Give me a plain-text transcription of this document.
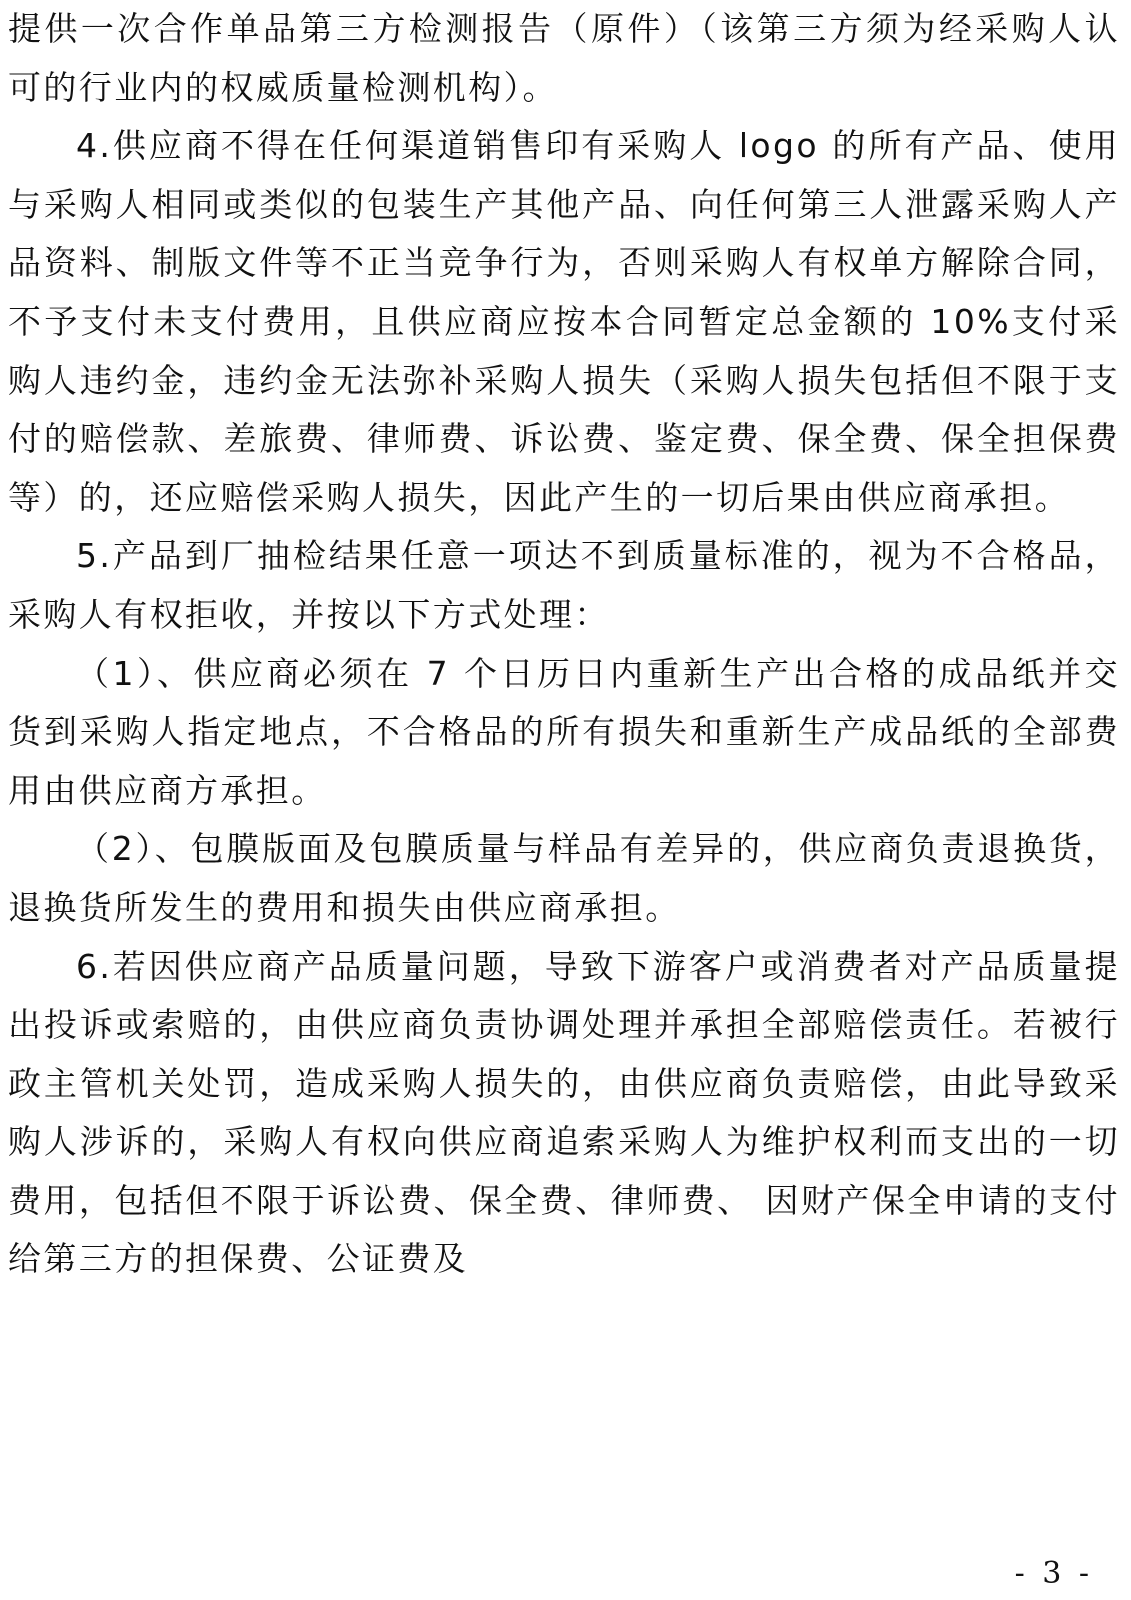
提供一次合作单品第三方检测报告（原件）（该第三方须为经采购人认可的行业内的权威质量检测机构）。

4.供应商不得在任何渠道销售印有采购人 logo 的所有产品、使用与采购人相同或类似的包装生产其他产品、向任何第三人泄露采购人产品资料、制版文件等不正当竞争行为，否则采购人有权单方解除合同，不予支付未支付费用，且供应商应按本合同暂定总金额的 10%支付采购人违约金，违约金无法弥补采购人损失（采购人损失包括但不限于支付的赔偿款、差旅费、律师费、诉讼费、鉴定费、保全费、保全担保费等）的，还应赔偿采购人损失，因此产生的一切后果由供应商承担。

5.产品到厂抽检结果任意一项达不到质量标准的，视为不合格品，采购人有权拒收，并按以下方式处理：

（1）、供应商必须在 7 个日历日内重新生产出合格的成品纸并交货到采购人指定地点，不合格品的所有损失和重新生产成品纸的全部费用由供应商方承担。

（2）、包膜版面及包膜质量与样品有差异的，供应商负责退换货，退换货所发生的费用和损失由供应商承担。

6.若因供应商产品质量问题，导致下游客户或消费者对产品质量提出投诉或索赔的，由供应商负责协调处理并承担全部赔偿责任。若被行政主管机关处罚，造成采购人损失的，由供应商负责赔偿，由此导致采购人涉诉的，采购人有权向供应商追索采购人为维护权利而支出的一切费用，包括但不限于诉讼费、保全费、律师费、 因财产保全申请的支付给第三方的担保费、公证费及

- 3 -
